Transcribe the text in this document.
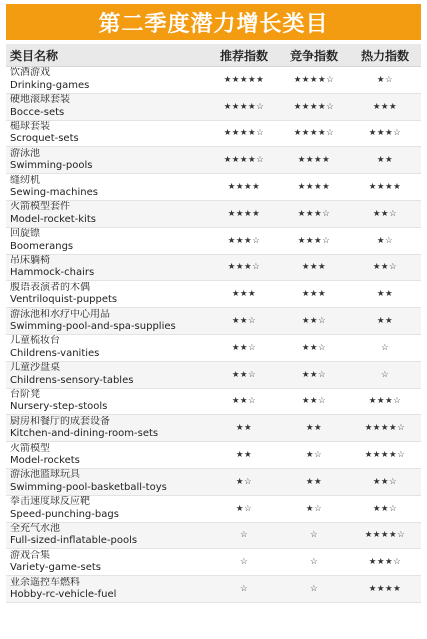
第二季度潜力增长类目
类目名称	推荐指数	竞争指数	热力指数

饮酒游戏
Drinking-games	★★★★★	★★★★☆	★☆

硬地滚球套装
Bocce-sets	★★★★☆	★★★★☆	★★★

槌球套装
Scroquet-sets	★★★★☆	★★★★☆	★★★☆

游泳池
Swimming-pools	★★★★☆	★★★★	★★

缝纫机
Sewing-machines	★★★★	★★★★	★★★★

火箭模型套件
Model-rocket-kits	★★★★	★★★☆	★★☆

回旋镖
Boomerangs	★★★☆	★★★☆	★☆

吊床躺椅
Hammock-chairs	★★★☆	★★★	★★☆

腹语表演者的木偶
Ventriloquist-puppets	★★★	★★★	★★

游泳池和水疗中心用品
Swimming-pool-and-spa-supplies	★★☆	★★☆	★★

儿童梳妆台
Childrens-vanities	★★☆	★★☆	☆

儿童沙盘桌
Childrens-sensory-tables	★★☆	★★☆	☆

台阶凳
Nursery-step-stools	★★☆	★★☆	★★★☆

厨房和餐厅的成套设备
Kitchen-and-dining-room-sets	★★	★★	★★★★☆

火箭模型
Model-rockets	★★	★☆	★★★★☆

游泳池篮球玩具
Swimming-pool-basketball-toys	★☆	★★	★★☆

拳击速度球反应靶
Speed-punching-bags	★☆	★☆	★★☆

全充气水池
Full-sized-inflatable-pools	☆	☆	★★★★☆

游戏合集
Variety-game-sets	☆	☆	★★★☆

业余遥控车燃料
Hobby-rc-vehicle-fuel	☆	☆	★★★★
